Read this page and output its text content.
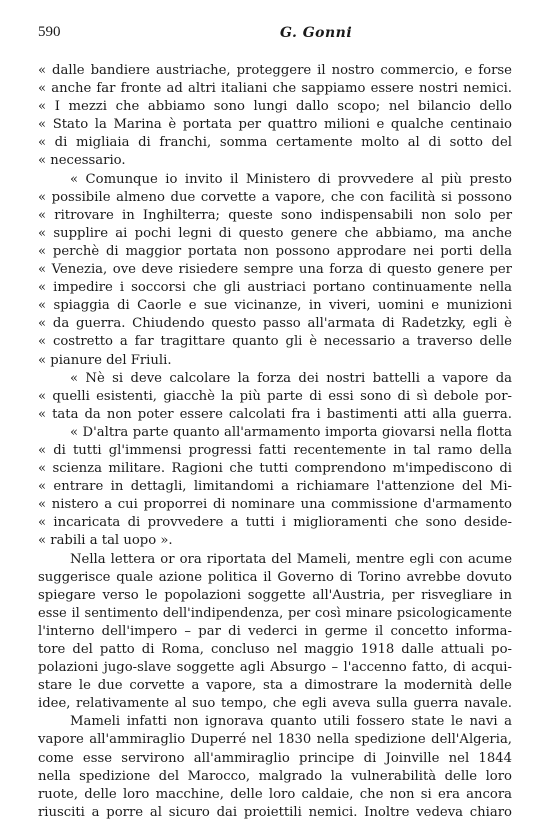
590	G. Gonni
« dalle bandiere austriache, proteggere il nostro commercio, e forse
« anche far fronte ad altri italiani che sappiamo essere nostri nemici.
« I mezzi che abbiamo sono lungi dallo scopo; nel bilancio dello
« Stato la Marina è portata per quattro milioni e qualche centinaio
« di migliaia di franchi, somma certamente molto al di sotto del
« necessario.
« Comunque io invito il Ministero di provvedere al più presto
« possibile almeno due corvette a vapore, che con facilità si possono
« ritrovare in Inghilterra; queste sono indispensabili non solo per
« supplire ai pochi legni di questo genere che abbiamo, ma anche
« perchè di maggior portata non possono approdare nei porti della
« Venezia, ove deve risiedere sempre una forza di questo genere per
« impedire i soccorsi che gli austriaci portano continuamente nella
« spiaggia di Caorle e sue vicinanze, in viveri, uomini e munizioni
« da guerra. Chiudendo questo passo all'armata di Radetzky, egli è
« costretto a far tragittare quanto gli è necessario a traverso delle
« pianure del Friuli.
« Nè si deve calcolare la forza dei nostri battelli a vapore da
« quelli esistenti, giacchè la più parte di essi sono di sì debole por-
« tata da non poter essere calcolati fra i bastimenti atti alla guerra.
« D'altra parte quanto all'armamento importa giovarsi nella flotta
« di tutti gl'immensi progressi fatti recentemente in tal ramo della
« scienza militare. Ragioni che tutti comprendono m'impediscono di
« entrare in dettagli, limitandomi a richiamare l'attenzione del Mi-
« nistero a cui proporrei di nominare una commissione d'armamento
« incaricata di provvedere a tutti i miglioramenti che sono deside-
« rabili a tal uopo ».
Nella lettera or ora riportata del Mameli, mentre egli con acume
suggerisce quale azione politica il Governo di Torino avrebbe dovuto
spiegare verso le popolazioni soggette all'Austria, per risvegliare in
esse il sentimento dell'indipendenza, per così minare psicologicamente
l'interno dell'impero – par di vederci in germe il concetto informa-
tore del patto di Roma, concluso nel maggio 1918 dalle attuali po-
polazioni jugo-slave soggette agli Absurgo – l'accenno fatto, di acqui-
stare le due corvette a vapore, sta a dimostrare la modernità delle
idee, relativamente al suo tempo, che egli aveva sulla guerra navale.
Mameli infatti non ignorava quanto utili fossero state le navi a
vapore all'ammiraglio Duperré nel 1830 nella spedizione dell'Algeria,
come esse servirono all'ammiraglio principe di Joinville nel 1844
nella spedizione del Marocco, malgrado la vulnerabilità delle loro
ruote, delle loro macchine, delle loro caldaie, che non si era ancora
riusciti a porre al sicuro dai proiettili nemici. Inoltre vedeva chiaro
